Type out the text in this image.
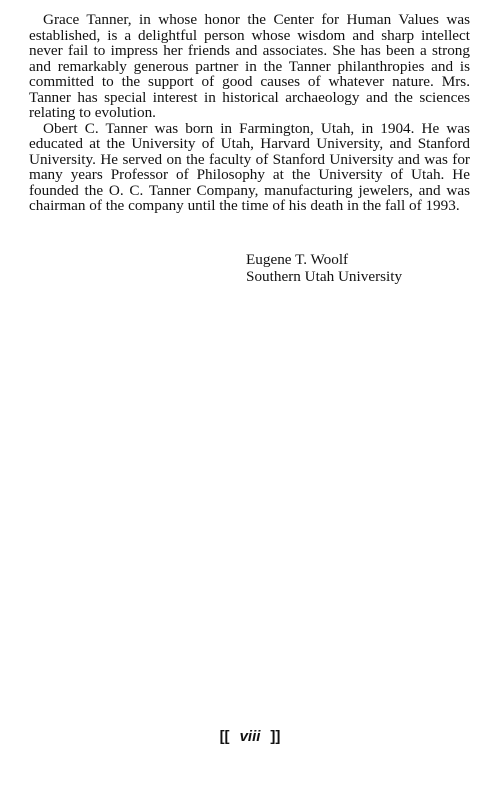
Grace Tanner, in whose honor the Center for Human Values was established, is a delightful person whose wisdom and sharp intellect never fail to impress her friends and associates. She has been a strong and remarkably generous partner in the Tanner philanthropies and is committed to the support of good causes of whatever nature. Mrs. Tanner has special interest in historical archaeology and the sciences relating to evolution.

Obert C. Tanner was born in Farmington, Utah, in 1904. He was educated at the University of Utah, Harvard University, and Stanford University. He served on the faculty of Stanford University and was for many years Professor of Philosophy at the University of Utah. He founded the O. C. Tanner Company, manufacturing jewelers, and was chairman of the company until the time of his death in the fall of 1993.

Eugene T. Woolf
Southern Utah University
[[ viii ]]
